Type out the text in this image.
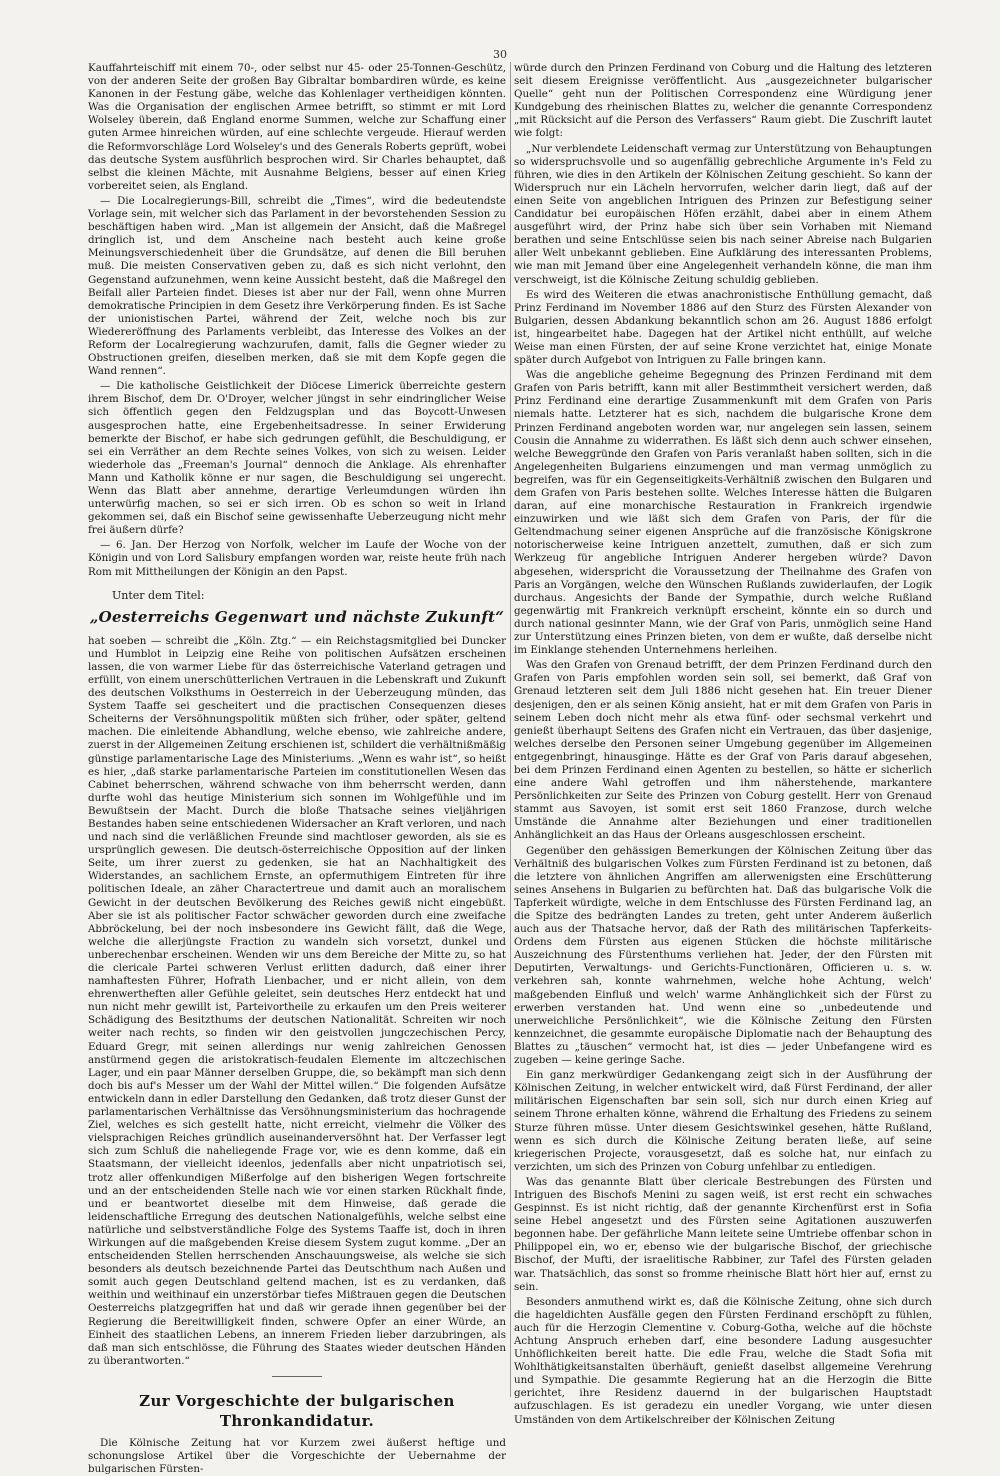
30

Kauffahrteischiff mit einem 70-, oder selbst nur 45- oder 25-Tonnen-Geschütz, von der anderen Seite der großen Bay Gibraltar bombardiren würde, es keine Kanonen in der Festung gäbe, welche das Kohlenlager vertheidigen könnten. Was die Organisation der englischen Armee betrifft, so stimmt er mit Lord Wolseley überein, daß England enorme Summen, welche zur Schaffung einer guten Armee hinreichen würden, auf eine schlechte vergeude. Hierauf werden die Reformvorschläge Lord Wolseley's und des Generals Roberts geprüft, wobei das deutsche System ausführlich besprochen wird. Sir Charles behauptet, daß selbst die kleinen Mächte, mit Ausnahme Belgiens, besser auf einen Krieg vorbereitet seien, als England.

— Die Localregierungs-Bill, schreibt die „Times“, wird die bedeutendste Vorlage sein, mit welcher sich das Parlament in der bevorstehenden Session zu beschäftigen haben wird. „Man ist allgemein der Ansicht, daß die Maßregel dringlich ist, und dem Anscheine nach besteht auch keine große Meinungsverschiedenheit über die Grundsätze, auf denen die Bill beruhen muß. Die meisten Conservativen geben zu, daß es sich nicht verlohnt, den Gegenstand aufzunehmen, wenn keine Aussicht besteht, daß die Maßregel den Beifall aller Parteien findet. Dieses ist aber nur der Fall, wenn ohne Murren demokratische Principien in dem Gesetz ihre Verkörperung finden. Es ist Sache der unionistischen Partei, während der Zeit, welche noch bis zur Wiedereröffnung des Parlaments verbleibt, das Interesse des Volkes an der Reform der Localregierung wachzurufen, damit, falls die Gegner wieder zu Obstructionen greifen, dieselben merken, daß sie mit dem Kopfe gegen die Wand rennen“.

— Die katholische Geistlichkeit der Diöcese Limerick überreichte gestern ihrem Bischof, dem Dr. O'Droyer, welcher jüngst in sehr eindringlicher Weise sich öffentlich gegen den Feldzugsplan und das Boycott-Unwesen ausgesprochen hatte, eine Ergebenheitsadresse. In seiner Erwiderung bemerkte der Bischof, er habe sich gedrungen gefühlt, die Beschuldigung, er sei ein Verräther an dem Rechte seines Volkes, von sich zu weisen. Leider wiederhole das „Freeman's Journal“ dennoch die Anklage. Als ehrenhafter Mann und Katholik könne er nur sagen, die Beschuldigung sei ungerecht. Wenn das Blatt aber annehme, derartige Verleumdungen würden ihn unterwürfig machen, so sei er sich irren. Ob es schon so weit in Irland gekommen sei, daß ein Bischof seine gewissenhafte Ueberzeugung nicht mehr frei äußern dürfe?

— 6. Jan. Der Herzog von Norfolk, welcher im Laufe der Woche von der Königin und von Lord Salisbury empfangen worden war, reiste heute früh nach Rom mit Mittheilungen der Königin an den Papst.

Unter dem Titel:
„Oesterreichs Gegenwart und nächste Zukunft“

hat soeben — schreibt die „Köln. Ztg.“ — ein Reichstagsmitglied bei Duncker und Humblot in Leipzig eine Reihe von politischen Aufsätzen erscheinen lassen, die von warmer Liebe für das österreichische Vaterland getragen und erfüllt, von einem unerschütterlichen Vertrauen in die Lebenskraft und Zukunft des deutschen Volksthums in Oesterreich in der Ueberzeugung münden, das System Taaffe sei gescheitert und die practischen Consequenzen dieses Scheiterns der Versöhnungspolitik müßten sich früher, oder später, geltend machen. Die einleitende Abhandlung, welche ebenso, wie zahlreiche andere, zuerst in der Allgemeinen Zeitung erschienen ist, schildert die verhältnißmäßig günstige parlamentarische Lage des Ministeriums. „Wenn es wahr ist“, so heißt es hier, „daß starke parlamentarische Parteien im constitutionellen Wesen das Cabinet beherrschen, während schwache von ihm beherrscht werden, dann durfte wohl das heutige Ministerium sich sonnen im Wohlgefühle und im Bewußtsein der Macht. Durch die bloße Thatsache seines vieljährigen Bestandes haben seine entschiedenen Widersacher an Kraft verloren, und nach und nach sind die verläßlichen Freunde sind machtloser geworden, als sie es ursprünglich gewesen. Die deutsch-österreichische Opposition auf der linken Seite, um ihrer zuerst zu gedenken, sie hat an Nachhaltigkeit des Widerstandes, an sachlichem Ernste, an opfermuthigem Eintreten für ihre politischen Ideale, an zäher Charactertreue und damit auch an moralischem Gewicht in der deutschen Bevölkerung des Reiches gewiß nicht eingebüßt. Aber sie ist als politischer Factor schwächer geworden durch eine zweifache Abbröckelung, bei der noch insbesondere ins Gewicht fällt, daß die Wege, welche die allerjüngste Fraction zu wandeln sich vorsetzt, dunkel und unberechenbar erscheinen. Wenden wir uns dem Bereiche der Mitte zu, so hat die clericale Partei schweren Verlust erlitten dadurch, daß einer ihrer namhaftesten Führer, Hofrath Lienbacher, und er nicht allein, von dem ehrenwertheften aller Gefühle geleitet, sein deutsches Herz entdeckt hat und nun nicht mehr gewillt ist, Parteivortheile zu erkaufen um den Preis weiterer Schädigung des Besitzthums der deutschen Nationalität. Schreiten wir noch weiter nach rechts, so finden wir den geistvollen jungczechischen Percy, Eduard Gregr, mit seinen allerdings nur wenig zahlreichen Genossen anstürmend gegen die aristokratisch-feudalen Elemente im altczechischen Lager, und ein paar Männer derselben Gruppe, die, so bekämpft man sich denn doch bis auf's Messer um der Wahl der Mittel willen.“ Die folgenden Aufsätze entwickeln dann in edler Darstellung den Gedanken, daß trotz dieser Gunst der parlamentarischen Verhältnisse das Versöhnungsministerium das hochragende Ziel, welches es sich gestellt hatte, nicht erreicht, vielmehr die Völker des vielsprachigen Reiches gründlich auseinanderversöhnt hat. Der Verfasser legt sich zum Schluß die naheliegende Frage vor, wie es denn komme, daß ein Staatsmann, der vielleicht ideenlos, jedenfalls aber nicht unpatriotisch sei, trotz aller offenkundigen Mißerfolge auf den bisherigen Wegen fortschreite und an der entscheidenden Stelle nach wie vor einen starken Rückhalt finde, und er beantwortet dieselbe mit dem Hinweise, daß gerade die leidenschaftliche Erregung des deutschen Nationalgefühls, welche selbst eine natürliche und selbstverständliche Folge des Systems Taaffe ist, doch in ihren Wirkungen auf die maßgebenden Kreise diesem System zugut komme. „Der an entscheidenden Stellen herrschenden Anschauungsweise, als welche sie sich besonders als deutsch bezeichnende Partei das Deutschthum nach Außen und somit auch gegen Deutschland geltend machen, ist es zu verdanken, daß weithin und weithinauf ein unzerstörbar tiefes Mißtrauen gegen die Deutschen Oesterreichs platzgegriffen hat und daß wir gerade ihnen gegenüber bei der Regierung die Bereitwilligkeit finden, schwere Opfer an einer Würde, an Einheit des staatlichen Lebens, an innerem Frieden lieber darzubringen, als daß man sich entschlösse, die Führung des Staates wieder deutschen Händen zu überantworten.“

Zur Vorgeschichte der bulgarischen Thronkandidatur.

Die Kölnische Zeitung hat vor Kurzem zwei äußerst heftige und schonungslose Artikel über die Vorgeschichte der Uebernahme der bulgarischen Fürsten-

würde durch den Prinzen Ferdinand von Coburg und die Haltung des letzteren seit diesem Ereignisse veröffentlicht. Aus „ausgezeichneter bulgarischer Quelle“ geht nun der Politischen Correspondenz eine Würdigung jener Kundgebung des rheinischen Blattes zu, welcher die genannte Correspondenz „mit Rücksicht auf die Person des Verfassers“ Raum giebt. Die Zuschrift lautet wie folgt:

„Nur verblendete Leidenschaft vermag zur Unterstützung von Behauptungen so widerspruchsvolle und so augenfällig gebrechliche Argumente in's Feld zu führen, wie dies in den Artikeln der Kölnischen Zeitung geschieht. So kann der Widerspruch nur ein Lächeln hervorrufen, welcher darin liegt, daß auf der einen Seite von angeblichen Intriguen des Prinzen zur Befestigung seiner Candidatur bei europäischen Höfen erzählt, dabei aber in einem Athem ausgeführt wird, der Prinz habe sich über sein Vorhaben mit Niemand berathen und seine Entschlüsse seien bis nach seiner Abreise nach Bulgarien aller Welt unbekannt geblieben. Eine Aufklärung des interessanten Problems, wie man mit Jemand über eine Angelegenheit verhandeln könne, die man ihm verschweigt, ist die Kölnische Zeitung schuldig geblieben.

Es wird des Weiteren die etwas anachronistische Enthüllung gemacht, daß Prinz Ferdinand im November 1886 auf den Sturz des Fürsten Alexander von Bulgarien, dessen Abdankung bekanntlich schon am 26. August 1886 erfolgt ist, hingearbeitet habe. Dagegen hat der Artikel nicht enthüllt, auf welche Weise man einen Fürsten, der auf seine Krone verzichtet hat, einige Monate später durch Aufgebot von Intriguen zu Falle bringen kann.

Was die angebliche geheime Begegnung des Prinzen Ferdinand mit dem Grafen von Paris betrifft, kann mit aller Bestimmtheit versichert werden, daß Prinz Ferdinand eine derartige Zusammenkunft mit dem Grafen von Paris niemals hatte. Letzterer hat es sich, nachdem die bulgarische Krone dem Prinzen Ferdinand angeboten worden war, nur angelegen sein lassen, seinem Cousin die Annahme zu widerrathen. Es läßt sich denn auch schwer einsehen, welche Beweggründe den Grafen von Paris veranlaßt haben sollten, sich in die Angelegenheiten Bulgariens einzumengen und man vermag unmöglich zu begreifen, was für ein Gegenseitigkeits-Verhältniß zwischen den Bulgaren und dem Grafen von Paris bestehen sollte. Welches Interesse hätten die Bulgaren daran, auf eine monarchische Restauration in Frankreich irgendwie einzuwirken und wie läßt sich dem Grafen von Paris, der für die Geltendmachung seiner eigenen Ansprüche auf die französische Königskrone notorischerweise keine Intriguen anzettelt, zumuthen, daß er sich zum Werkzeug für angebliche Intriguen Anderer hergeben würde? Davon abgesehen, widerspricht die Voraussetzung der Theilnahme des Grafen von Paris an Vorgängen, welche den Wünschen Rußlands zuwiderlaufen, der Logik durchaus. Angesichts der Bande der Sympathie, durch welche Rußland gegenwärtig mit Frankreich verknüpft erscheint, könnte ein so durch und durch national gesinnter Mann, wie der Graf von Paris, unmöglich seine Hand zur Unterstützung eines Prinzen bieten, von dem er wußte, daß derselbe nicht im Einklange stehenden Unternehmens herleihen.

Was den Grafen von Grenaud betrifft, der dem Prinzen Ferdinand durch den Grafen von Paris empfohlen worden sein soll, sei bemerkt, daß Graf von Grenaud letzteren seit dem Juli 1886 nicht gesehen hat. Ein treuer Diener desjenigen, den er als seinen König ansieht, hat er mit dem Grafen von Paris in seinem Leben doch nicht mehr als etwa fünf- oder sechsmal verkehrt und genießt überhaupt Seitens des Grafen nicht ein Vertrauen, das über dasjenige, welches derselbe den Personen seiner Umgebung gegenüber im Allgemeinen entgegenbringt, hinausginge. Hätte es der Graf von Paris darauf abgesehen, bei dem Prinzen Ferdinand einen Agenten zu bestellen, so hätte er sicherlich eine andere Wahl getroffen und ihm näherstehende, markantere Persönlichkeiten zur Seite des Prinzen von Coburg gestellt. Herr von Grenaud stammt aus Savoyen, ist somit erst seit 1860 Franzose, durch welche Umstände die Annahme alter Beziehungen und einer traditionellen Anhänglichkeit an das Haus der Orleans ausgeschlossen erscheint.

Gegenüber den gehässigen Bemerkungen der Kölnischen Zeitung über das Verhältniß des bulgarischen Volkes zum Fürsten Ferdinand ist zu betonen, daß die letztere von ähnlichen Angriffen am allerwenigsten eine Erschütterung seines Ansehens in Bulgarien zu befürchten hat. Daß das bulgarische Volk die Tapferkeit würdigte, welche in dem Entschlusse des Fürsten Ferdinand lag, an die Spitze des bedrängten Landes zu treten, geht unter Anderem äußerlich auch aus der Thatsache hervor, daß der Rath des militärischen Tapferkeits-Ordens dem Fürsten aus eigenen Stücken die höchste militärische Auszeichnung des Fürstenthums verliehen hat. Jeder, der den Fürsten mit Deputirten, Verwaltungs- und Gerichts-Functionären, Officieren u. s. w. verkehren sah, konnte wahrnehmen, welche hohe Achtung, welch' maßgebenden Einfluß und welch' warme Anhänglichkeit sich der Fürst zu erwerben verstanden hat. Und wenn eine so „unbedeutende und unerweichliche Persönlichkeit“, wie die Kölnische Zeitung den Fürsten kennzeichnet, die gesammte europäische Diplomatie nach der Behauptung des Blattes zu „täuschen“ vermocht hat, ist dies — jeder Unbefangene wird es zugeben — keine geringe Sache.

Ein ganz merkwürdiger Gedankengang zeigt sich in der Ausführung der Kölnischen Zeitung, in welcher entwickelt wird, daß Fürst Ferdinand, der aller militärischen Eigenschaften bar sein soll, sich nur durch einen Krieg auf seinem Throne erhalten könne, während die Erhaltung des Friedens zu seinem Sturze führen müsse. Unter diesem Gesichtswinkel gesehen, hätte Rußland, wenn es sich durch die Kölnische Zeitung beraten ließe, auf seine kriegerischen Projecte, vorausgesetzt, daß es solche hat, nur einfach zu verzichten, um sich des Prinzen von Coburg unfehlbar zu entledigen.

Was das genannte Blatt über clericale Bestrebungen des Fürsten und Intriguen des Bischofs Menini zu sagen weiß, ist erst recht ein schwaches Gespinnst. Es ist nicht richtig, daß der genannte Kirchenfürst erst in Sofia seine Hebel angesetzt und des Fürsten seine Agitationen auszuwerfen begonnen habe. Der gefährliche Mann leitete seine Umtriebe offenbar schon in Philippopel ein, wo er, ebenso wie der bulgarische Bischof, der griechische Bischof, der Mufti, der israelitische Rabbiner, zur Tafel des Fürsten geladen war. Thatsächlich, das sonst so fromme rheinische Blatt hört hier auf, ernst zu sein.

Besonders anmuthend wirkt es, daß die Kölnische Zeitung, ohne sich durch die hageldichten Ausfälle gegen den Fürsten Ferdinand erschöpft zu fühlen, auch für die Herzogin Clementine v. Coburg-Gotha, welche auf die höchste Achtung Anspruch erheben darf, eine besondere Ladung ausgesuchter Unhöflichkeiten bereit hatte. Die edle Frau, welche die Stadt Sofia mit Wohlthätigkeitsanstalten überhäuft, genießt daselbst allgemeine Verehrung und Sympathie. Die gesammte Regierung hat an die Herzogin die Bitte gerichtet, ihre Residenz dauernd in der bulgarischen Hauptstadt aufzuschlagen. Es ist geradezu ein unedler Vorgang, wie unter diesen Umständen von dem Artikelschreiber der Kölnischen Zeitung
